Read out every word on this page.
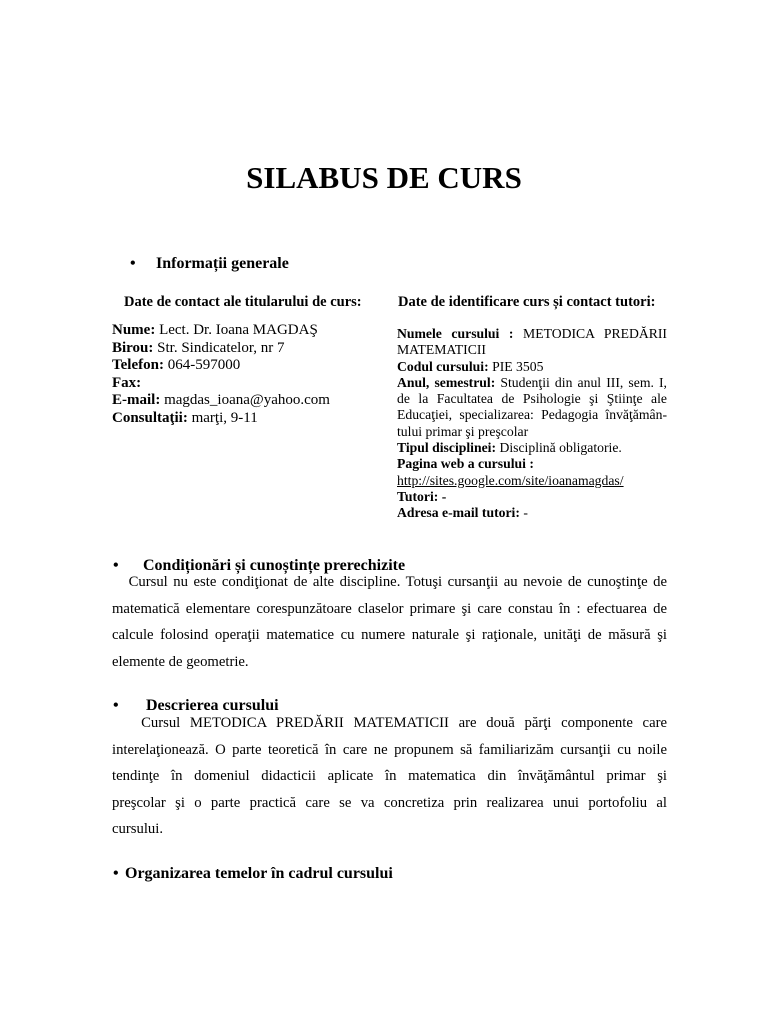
SILABUS DE CURS
• Informații generale
Date de contact ale titularului de curs:	Date de identificare curs și contact tutori:
Nume: Lect. Dr. Ioana MAGDAŞ
Birou: Str. Sindicatelor, nr 7
Telefon: 064-597000
Fax:
E-mail: magdas_ioana@yahoo.com
Consultaţii: marţi, 9-11
Numele cursului : METODICA PREDĂRII
MATEMATICII
Codul cursului: PIE 3505
Anul, semestrul: Studenţii din anul III, sem. I,
de la Facultatea de Psihologie şi Ştiinţe ale
Educaţiei, specializarea: Pedagogia învăţămân-
tului primar şi preşcolar
Tipul disciplinei: Disciplină obligatorie.
Pagina web a cursului :
http://sites.google.com/site/ioanamagdas/
Tutori: -
Adresa e-mail tutori: -
• Condiționări și cunoștințe prerechizite
Cursul nu este condiţionat de alte discipline. Totuşi cursanţii au nevoie de cunoştinţe de
matematică elementare corespunzătoare claselor primare şi care constau în : efectuarea de
calcule folosind operaţii matematice cu numere naturale şi raţionale, unităţi de măsură şi
elemente de geometrie.
• Descrierea cursului
Cursul METODICA PREDĂRII MATEMATICII are două părţi componente care
interelaţionează. O parte teoretică în care ne propunem să familiarizăm cursanţii cu noile
tendinţe în domeniul didacticii aplicate în matematica din învăţământul primar şi
preşcolar şi o parte practică care se va concretiza prin realizarea unui portofoliu al
cursului.
• Organizarea temelor în cadrul cursului
